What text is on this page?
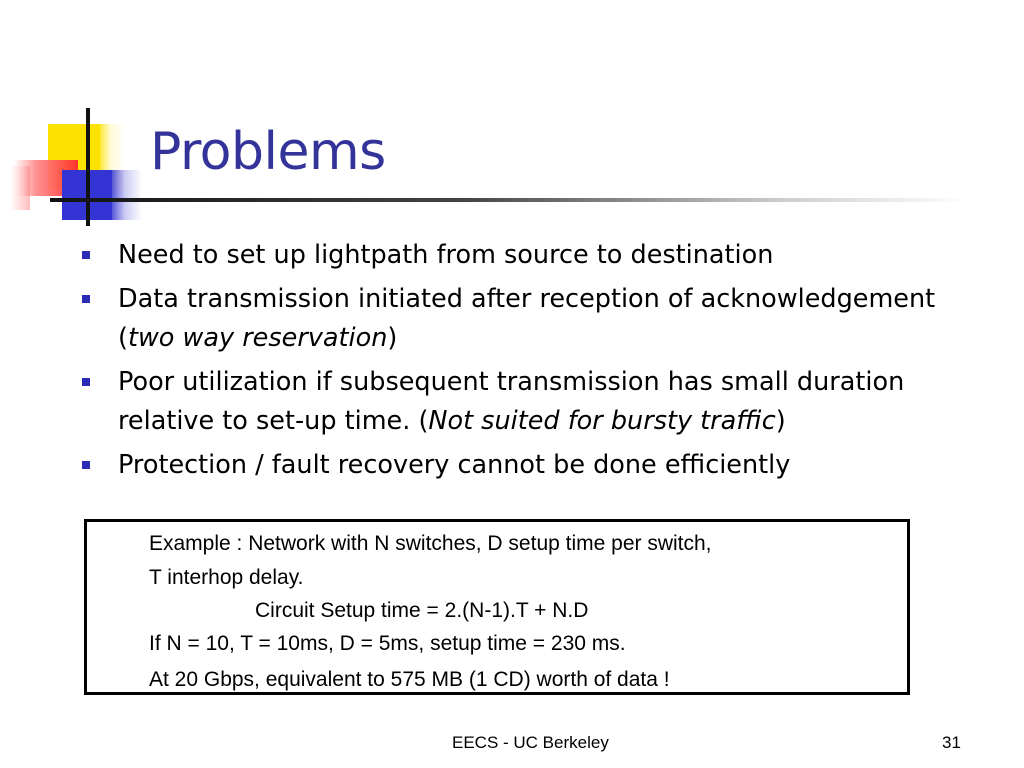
Problems
Need to set up lightpath from source to destination
Data transmission initiated after reception of acknowledgement (two way reservation)
Poor utilization if subsequent transmission has small duration relative to set-up time. (Not suited for bursty traffic)
Protection / fault recovery cannot be done efficiently
Example : Network with N switches, D setup time per switch,
T interhop delay.
Circuit Setup time = 2.(N-1).T + N.D
If N = 10, T = 10ms, D = 5ms, setup time = 230 ms.
At 20 Gbps, equivalent to 575 MB (1 CD) worth of data !
EECS - UC Berkeley	31
